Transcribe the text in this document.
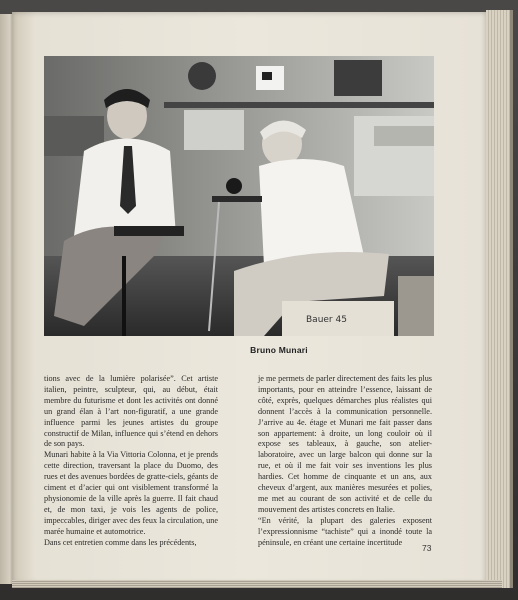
Bauer 45
Bruno Munari

tions avec de la lumière polarisée”. Cet artiste italien, peintre, sculpteur, qui, au début, était membre du futurisme et dont les activités ont donné un grand élan à l’art non-figuratif, a une grande influence parmi les jeunes artistes du groupe constructif de Milan, influence qui s’étend en dehors de son pays.

Munari habite à la Via Vittoria Colonna, et je prends cette direction, traversant la place du Duomo, des rues et des avenues bordées de gratte-ciels, géants de ciment et d’acier qui ont visiblement transformé la physionomie de la ville après la guerre. Il fait chaud et, de mon taxi, je vois les agents de police, impeccables, diriger avec des feux la circulation, une marée humaine et automotrice.

Dans cet entretien comme dans les précédents,

je me permets de parler directement des faits les plus importants, pour en atteindre l’essence, laissant de côté, exprès, quelques démarches plus réalistes qui donnent l’accès à la communication personnelle. J’arrive au 4e. étage et Munari me fait passer dans son appartement: à droite, un long couloir où il expose ses tableaux, à gauche, son atelier-laboratoire, avec un large balcon qui donne sur la rue, et où il me fait voir ses inventions les plus hardies. Cet homme de cinquante et un ans, aux cheveux d’argent, aux manières mesurées et polies, me met au courant de son activité et de celle du mouvement des artistes concrets en Italie.

“En vérité, la plupart des galeries exposent l’expressionnisme “tachiste” qui a inondé toute la péninsule, en créant une certaine incertitude

73
